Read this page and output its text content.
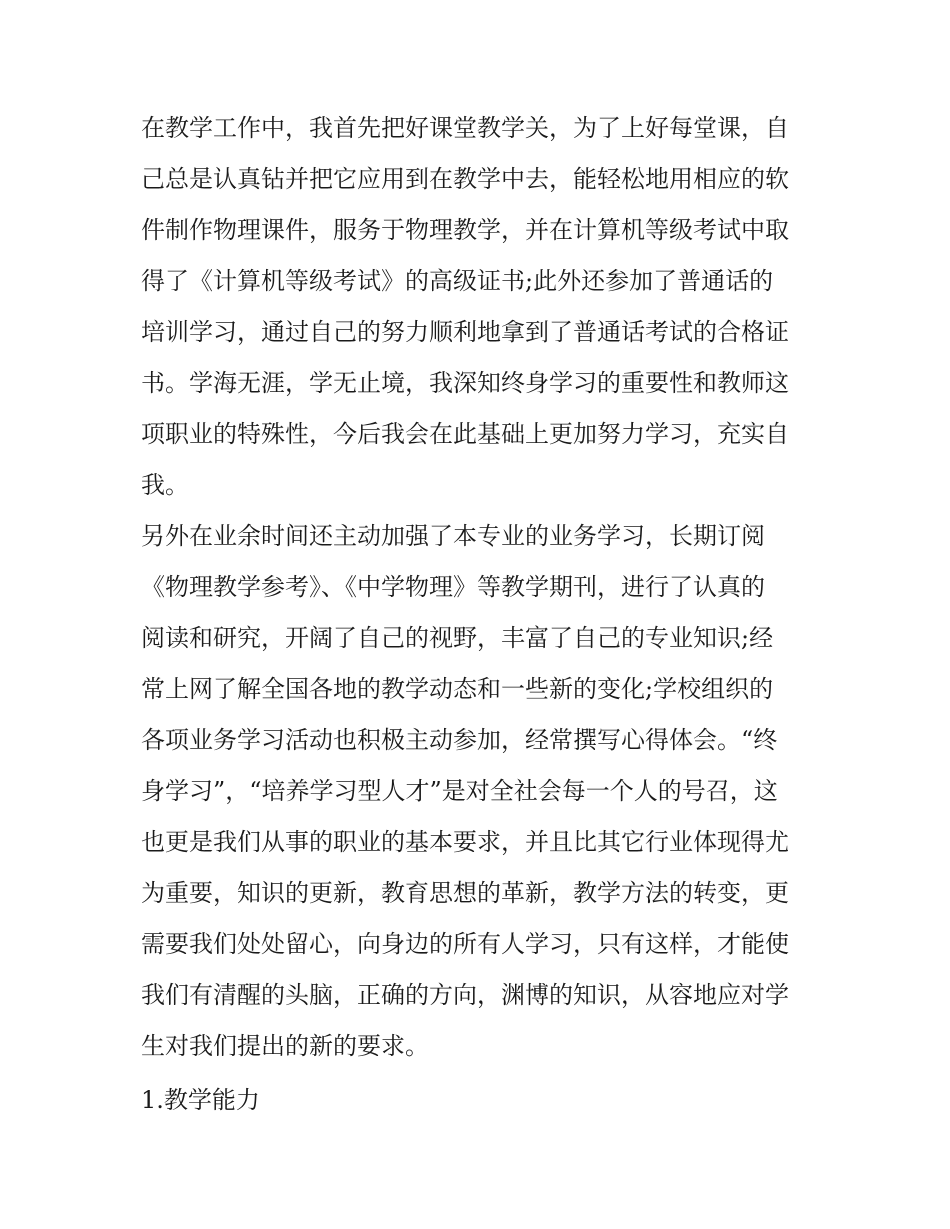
在教学工作中，我首先把好课堂教学关，为了上好每堂课，自
己总是认真钻并把它应用到在教学中去，能轻松地用相应的软
件制作物理课件，服务于物理教学，并在计算机等级考试中取
得了《计算机等级考试》的高级证书;此外还参加了普通话的
培训学习，通过自己的努力顺利地拿到了普通话考试的合格证
书。学海无涯，学无止境，我深知终身学习的重要性和教师这
项职业的特殊性，今后我会在此基础上更加努力学习，充实自
我。
另外在业余时间还主动加强了本专业的业务学习，长期订阅
《物理教学参考》、《中学物理》等教学期刊，进行了认真的
阅读和研究，开阔了自己的视野，丰富了自己的专业知识;经
常上网了解全国各地的教学动态和一些新的变化;学校组织的
各项业务学习活动也积极主动参加，经常撰写心得体会。“终
身学习”，“培养学习型人才”是对全社会每一个人的号召，这
也更是我们从事的职业的基本要求，并且比其它行业体现得尤
为重要，知识的更新，教育思想的革新，教学方法的转变，更
需要我们处处留心，向身边的所有人学习，只有这样，才能使
我们有清醒的头脑，正确的方向，渊博的知识，从容地应对学
生对我们提出的新的要求。
1.教学能力
